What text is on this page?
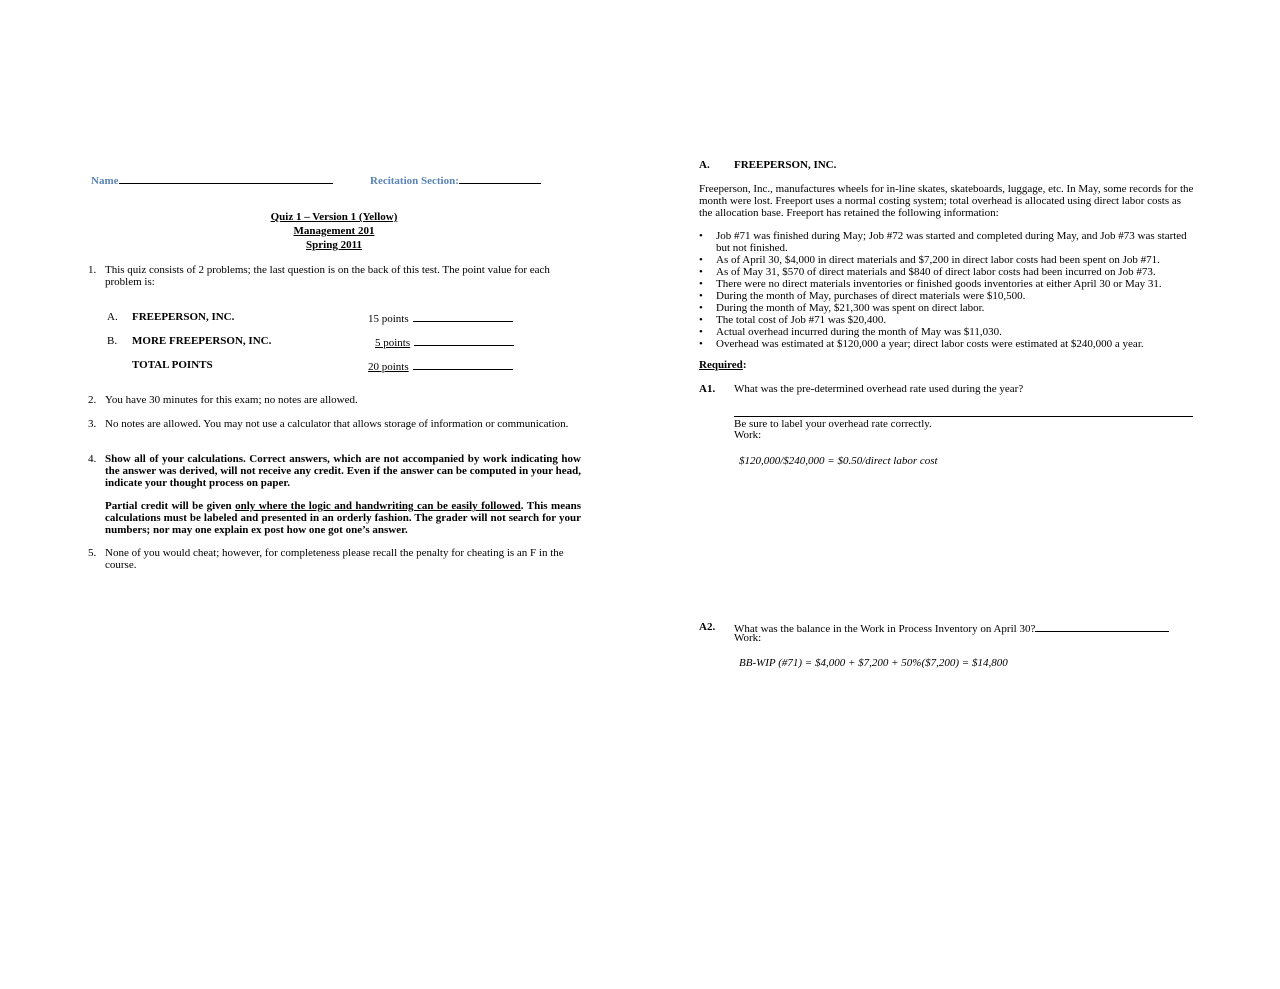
Name	Recitation Section:
Quiz 1 – Version 1 (Yellow)
Management 201
Spring 2011
1. This quiz consists of 2 problems; the last question is on the back of this test. The point value for each problem is:
A. FREEPERSON, INC.	15 points
B. MORE FREEPERSON, INC.	5 points
TOTAL POINTS	20 points
2. You have 30 minutes for this exam; no notes are allowed.
3. No notes are allowed. You may not use a calculator that allows storage of information or communication.
4. Show all of your calculations. Correct answers, which are not accompanied by work indicating how the answer was derived, will not receive any credit. Even if the answer can be computed in your head, indicate your thought process on paper.
Partial credit will be given only where the logic and handwriting can be easily followed. This means calculations must be labeled and presented in an orderly fashion. The grader will not search for your numbers; nor may one explain ex post how one got one’s answer.
5. None of you would cheat; however, for completeness please recall the penalty for cheating is an F in the course.
A. FREEPERSON, INC.
Freeperson, Inc., manufactures wheels for in-line skates, skateboards, luggage, etc. In May, some records for the month were lost. Freeport uses a normal costing system; total overhead is allocated using direct labor costs as the allocation base. Freeport has retained the following information:
• Job #71 was finished during May; Job #72 was started and completed during May, and Job #73 was started but not finished.
• As of April 30, $4,000 in direct materials and $7,200 in direct labor costs had been spent on Job #71.
• As of May 31, $570 of direct materials and $840 of direct labor costs had been incurred on Job #73.
• There were no direct materials inventories or finished goods inventories at either April 30 or May 31.
• During the month of May, purchases of direct materials were $10,500.
• During the month of May, $21,300 was spent on direct labor.
• The total cost of Job #71 was $20,400.
• Actual overhead incurred during the month of May was $11,030.
• Overhead was estimated at $120,000 a year; direct labor costs were estimated at $240,000 a year.
Required:
A1. What was the pre-determined overhead rate used during the year?
Be sure to label your overhead rate correctly.
Work:
$120,000/$240,000 = $0.50/direct labor cost
A2. What was the balance in the Work in Process Inventory on April 30?
Work:
BB-WIP (#71) = $4,000 + $7,200 + 50%($7,200) = $14,800
